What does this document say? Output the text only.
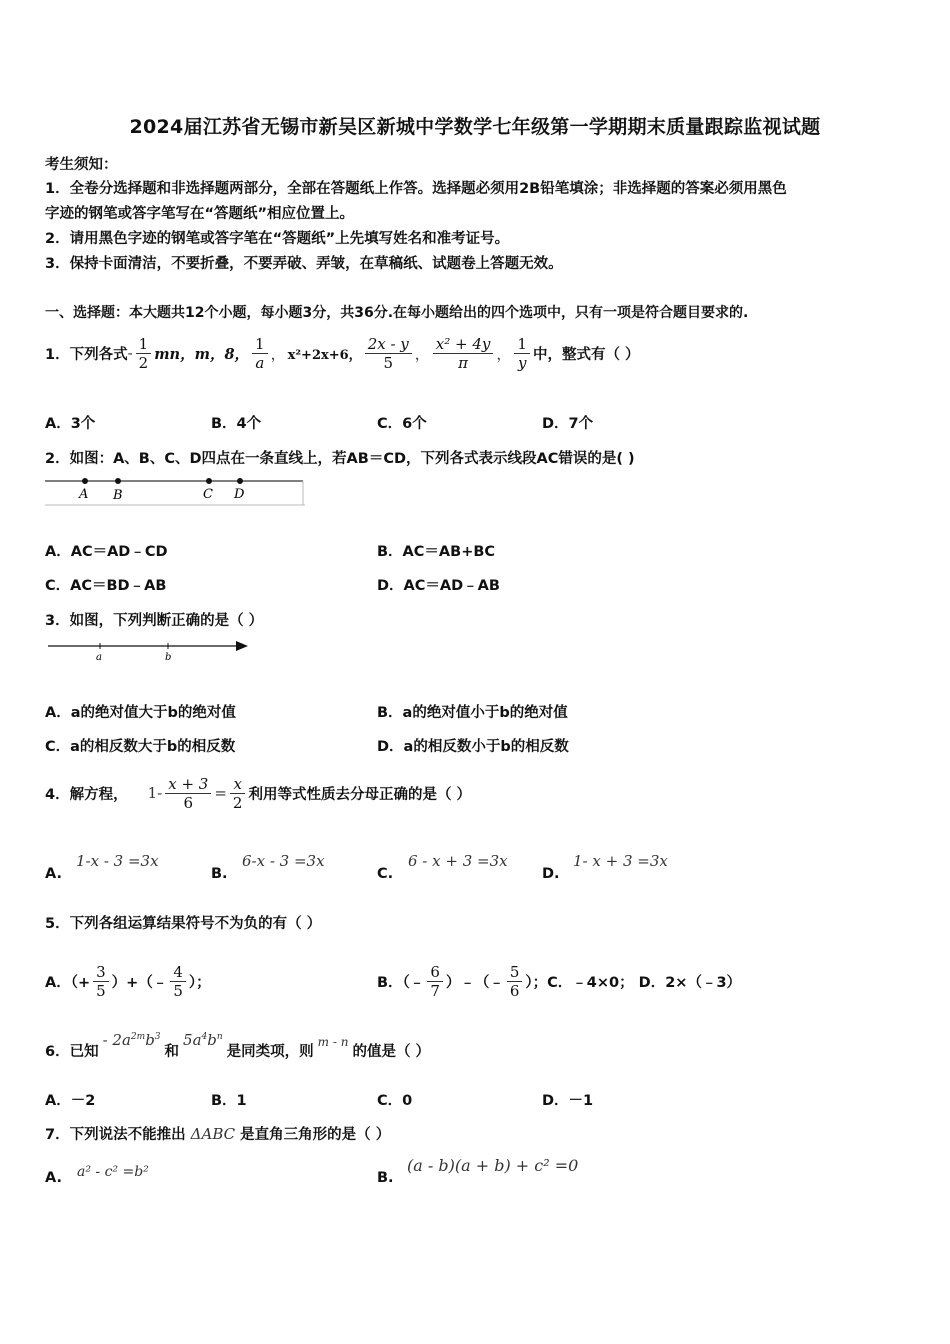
2024届江苏省无锡市新吴区新城中学数学七年级第一学期期末质量跟踪监视试题
考生须知：
1．全卷分选择题和非选择题两部分，全部在答题纸上作答。选择题必须用2B铅笔填涂；非选择题的答案必须用黑色
字迹的钢笔或答字笔写在“答题纸”相应位置上。
2．请用黑色字迹的钢笔或答字笔在“答题纸”上先填写姓名和准考证号。
3．保持卡面清洁，不要折叠，不要弄破、弄皱，在草稿纸、试题卷上答题无效。
一、选择题：本大题共12个小题，每小题3分，共36分.在每小题给出的四个选项中，只有一项是符合题目要求的.
1．下列各式 - $\frac{1}{2}$ mn，m，8， $\frac{1}{a}$ ， x²+2x+6， $\frac{2x - y}{5}$ ， $\frac{\text{x² + 4y}}{\pi}$ ， $\frac{1}{y}$ 中，整式有（ ）
A．3个	B．4个	C．6个	D．7个
2．如图：A、B、C、D四点在一条直线上，若AB＝CD，下列各式表示线段AC错误的是( )
A B	C D
A．AC＝AD﹣CD	B．AC＝AB+BC
C．AC＝BD﹣AB	D．AC＝AD﹣AB
3．如图，下列判断正确的是（ ）
a	b
A．a的绝对值大于b的绝对值	B．a的绝对值小于b的绝对值
C．a的相反数大于b的相反数	D．a的相反数小于b的相反数
4．解方程， $1- \frac{x + 3}{6} = \frac{x}{2}$ 利用等式性质去分母正确的是（ ）
A.
1-x - 3 =3x
B.
6-x - 3 =3x
C.
6 - x + 3 =3x
D.
1- x + 3 =3x
5．下列各组运算结果符号不为负的有（ ）
A．（+ $\frac{3}{5}$ ）+（﹣ $\frac{4}{5}$ ）；	B．（﹣ $\frac{6}{7}$ ）﹣（﹣ $\frac{5}{6}$ ）；C．﹣4×0； D．2×（﹣3）
6．已知
- $2a^{2m}b^3$
和
$5a^4b^n$
是同类项，则
m - n
的值是（ ）
A．－2	B．1	C．0	D．－1
7．下列说法不能推出 ΔABC 是直角三角形的是（ ）
A. a² - c² =b²	B.
(a - b)(a + b) + c² =0
